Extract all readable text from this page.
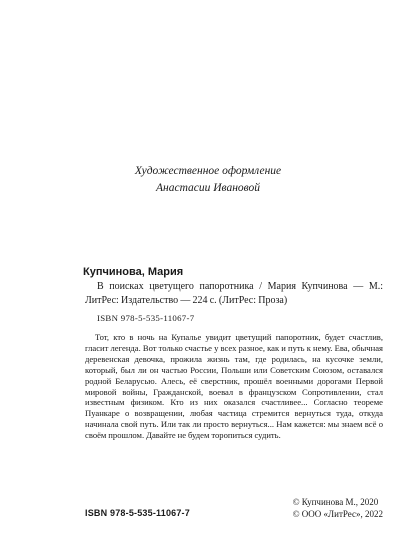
Художественное оформление
Анастасии Ивановой
Купчинова, Мария
В поисках цветущего папоротника / Мария Купчинова — М.: ЛитРес: Издательство — 224 с. (ЛитРес: Проза)
ISBN 978-5-535-11067-7
Тот, кто в ночь на Купалье увидит цветущий папоротник, будет счастлив, гласит легенда. Вот только счастье у всех разное, как и путь к нему. Ева, обычная деревенская девочка, прожила жизнь там, где родилась, на кусочке земли, который, был ли он частью России, Польши или Советским Союзом, оставался родной Беларусью. Алесь, её сверстник, прошёл военными дорогами Первой мировой войны, Гражданской, воевал в французском Сопротивлении, стал известным физиком. Кто из них оказался счастливее... Согласно теореме Пуанкаре о возвращении, любая частица стремится вернуться туда, откуда начинала свой путь. Или так ли просто вернуться... Нам кажется: мы знаем всё о своём прошлом. Давайте не будем торопиться судить.
ISBN 978-5-535-11067-7
© Купчинова М., 2020
© ООО «ЛитРес», 2022
